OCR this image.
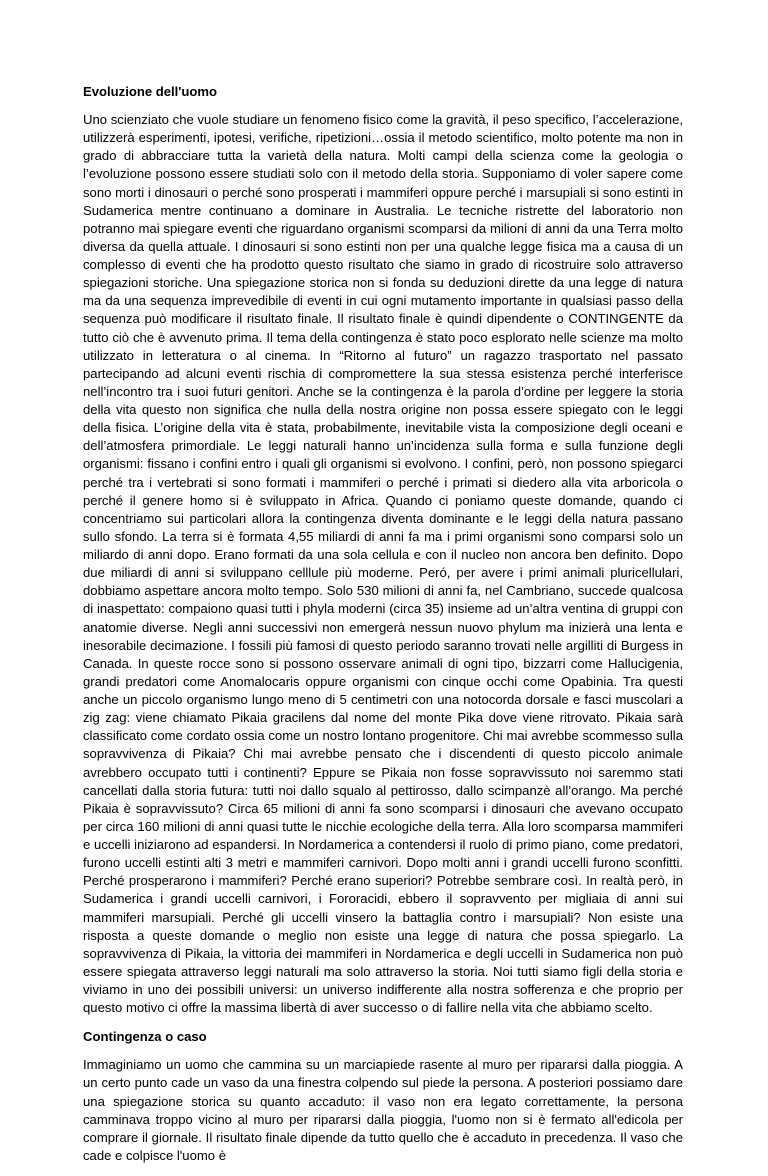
Evoluzione dell'uomo

Uno scienziato che vuole studiare un fenomeno fisico come la gravità, il peso specifico, l’accelerazione, utilizzerà esperimenti, ipotesi, verifiche, ripetizioni…ossia il metodo scientifico, molto potente ma non in grado di abbracciare tutta la varietà della natura. Molti campi della scienza come la geologia o l’evoluzione possono essere studiati solo con il metodo della storia. Supponiamo di voler sapere come sono morti i dinosauri o perché sono prosperati i mammiferi oppure perché i marsupiali si sono estinti in Sudamerica mentre continuano a dominare in Australia. Le tecniche ristrette del laboratorio non potranno mai spiegare eventi che riguardano organismi scomparsi da milioni di anni da una Terra molto diversa da quella attuale. I dinosauri si sono estinti non per una qualche legge fisica ma a causa di un complesso di eventi che ha prodotto questo risultato che siamo in grado di ricostruire solo attraverso spiegazioni storiche. Una spiegazione storica non si fonda su deduzioni dirette da una legge di natura ma da una sequenza imprevedibile di eventi in cui ogni mutamento importante in qualsiasi passo della sequenza può modificare il risultato finale. Il risultato finale è quindi dipendente o CONTINGENTE da tutto ciò che è avvenuto prima. Il tema della contingenza è stato poco esplorato nelle scienze ma molto utilizzato in letteratura o al cinema. In “Ritorno al futuro” un ragazzo trasportato nel passato partecipando ad alcuni eventi rischia di compromettere la sua stessa esistenza perché interferisce nell’incontro tra i suoi futuri genitori. Anche se la contingenza è la parola d’ordine per leggere la storia della vita questo non significa che nulla della nostra origine non possa essere spiegato con le leggi della fisica. L’origine della vita è stata, probabilmente, inevitabile vista la composizione degli oceani e dell’atmosfera primordiale. Le leggi naturali hanno un’incidenza sulla forma e sulla funzione degli organismi: fissano i confini entro i quali gli organismi si evolvono. I confini, però, non possono spiegarci perché tra i vertebrati si sono formati i mammiferi o perché i primati si diedero alla vita arboricola o perché il genere homo si è sviluppato in Africa. Quando ci poniamo queste domande, quando ci concentriamo sui particolari allora la contingenza diventa dominante e le leggi della natura passano sullo sfondo. La terra si è formata 4,55 miliardi di anni fa ma i primi organismi sono comparsi solo un miliardo di anni dopo. Erano formati da una sola cellula e con il nucleo non ancora ben definito. Dopo due miliardi di anni si sviluppano celllule più moderne. Peró, per avere i primi animali pluricellulari, dobbiamo aspettare ancora molto tempo. Solo 530 milioni di anni fa, nel Cambriano, succede qualcosa di inaspettato: compaiono quasi tutti i phyla moderni (circa 35) insieme ad un’altra ventina di gruppi con anatomie diverse. Negli anni successivi non emergerà nessun nuovo phylum ma inizierà una lenta e inesorabile decimazione. I fossili più famosi di questo periodo saranno trovati nelle argilliti di Burgess in Canada. In queste rocce sono si possono osservare animali di ogni tipo, bizzarri come Hallucigenia, grandi predatori come Anomalocaris oppure organismi con cinque occhi come Opabinia. Tra questi anche un piccolo organismo lungo meno di 5 centimetri con una notocorda dorsale e fasci muscolari a zig zag: viene chiamato Pikaia gracilens dal nome del monte Pika dove viene ritrovato. Pikaia sarà classificato come cordato ossia come un nostro lontano progenitore. Chi mai avrebbe scommesso sulla sopravvivenza di Pikaia? Chi mai avrebbe pensato che i discendenti di questo piccolo animale avrebbero occupato tutti i continenti? Eppure se Pikaia non fosse sopravvissuto noi saremmo stati cancellati dalla storia futura: tutti noi dallo squalo al pettirosso, dallo scimpanzè all’orango. Ma perché Pikaia è sopravvissuto? Circa 65 milioni di anni fa sono scomparsi i dinosauri che avevano occupato per circa 160 milioni di anni quasi tutte le nicchie ecologiche della terra. Alla loro scomparsa mammiferi e uccelli iniziarono ad espandersi. In Nordamerica a contendersi il ruolo di primo piano, come predatori, furono uccelli estinti alti 3 metri e mammiferi carnivori. Dopo molti anni i grandi uccelli furono sconfitti. Perché prosperarono i mammiferi? Perché erano superiori? Potrebbe sembrare così. In realtà però, in Sudamerica i grandi uccelli carnivori, i Fororacidi, ebbero il sopravvento per migliaia di anni sui mammiferi marsupiali. Perché gli uccelli vinsero la battaglia contro i marsupiali? Non esiste una risposta a queste domande o meglio non esiste una legge di natura che possa spiegarlo. La sopravvivenza di Pikaia, la vittoria dei mammiferi in Nordamerica e degli uccelli in Sudamerica non può essere spiegata attraverso leggi naturali ma solo attraverso la storia. Noi tutti siamo figli della storia e viviamo in uno dei possibili universi: un universo indifferente alla nostra sofferenza e che proprio per questo motivo ci offre la massima libertà di aver successo o di fallire nella vita che abbiamo scelto.

Contingenza o caso

Immaginiamo un uomo che cammina su un marciapiede rasente al muro per ripararsi dalla pioggia. A un certo punto cade un vaso da una finestra colpendo sul piede la persona. A posteriori possiamo dare una spiegazione storica su quanto accaduto: il vaso non era legato correttamente, la persona camminava troppo vicino al muro per ripararsi dalla pioggia, l'uomo non si è fermato all'edicola per comprare il giornale. Il risultato finale dipende da tutto quello che è accaduto in precedenza. Il vaso che cade e colpisce l'uomo è
